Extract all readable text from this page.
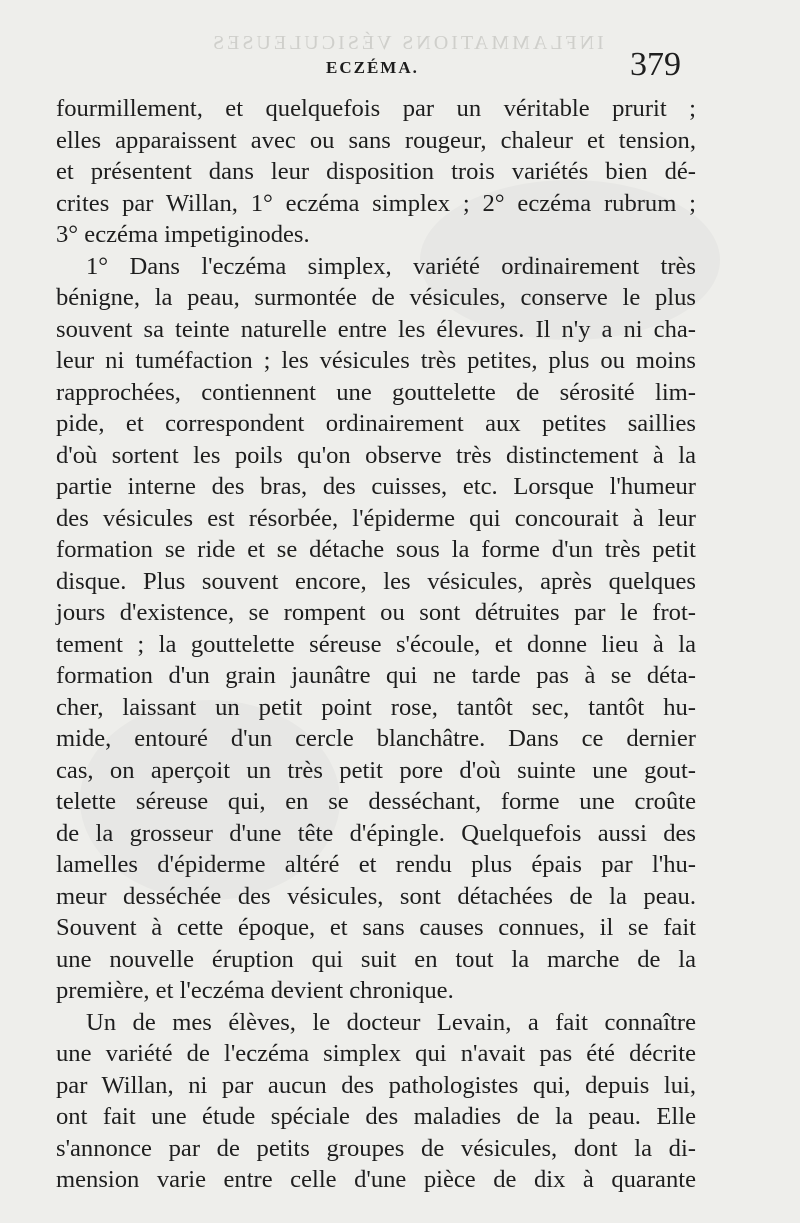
INFLAMMATIONS VÉSICULEUSES
ECZÉMA.	379
fourmillement, et quelquefois par un véritable prurit ;
elles apparaissent avec ou sans rougeur, chaleur et tension,
et présentent dans leur disposition trois variétés bien dé-
crites par Willan, 1° eczéma simplex ; 2° eczéma rubrum ;
3° eczéma impetiginodes.
1° Dans l'eczéma simplex, variété ordinairement très
bénigne, la peau, surmontée de vésicules, conserve le plus
souvent sa teinte naturelle entre les élevures. Il n'y a ni cha-
leur ni tuméfaction ; les vésicules très petites, plus ou moins
rapprochées, contiennent une gouttelette de sérosité lim-
pide, et correspondent ordinairement aux petites saillies
d'où sortent les poils qu'on observe très distinctement à la
partie interne des bras, des cuisses, etc. Lorsque l'humeur
des vésicules est résorbée, l'épiderme qui concourait à leur
formation se ride et se détache sous la forme d'un très petit
disque. Plus souvent encore, les vésicules, après quelques
jours d'existence, se rompent ou sont détruites par le frot-
tement ; la gouttelette séreuse s'écoule, et donne lieu à la
formation d'un grain jaunâtre qui ne tarde pas à se déta-
cher, laissant un petit point rose, tantôt sec, tantôt hu-
mide, entouré d'un cercle blanchâtre. Dans ce dernier
cas, on aperçoit un très petit pore d'où suinte une gout-
telette séreuse qui, en se desséchant, forme une croûte
de la grosseur d'une tête d'épingle. Quelquefois aussi des
lamelles d'épiderme altéré et rendu plus épais par l'hu-
meur desséchée des vésicules, sont détachées de la peau.
Souvent à cette époque, et sans causes connues, il se fait
une nouvelle éruption qui suit en tout la marche de la
première, et l'eczéma devient chronique.
Un de mes élèves, le docteur Levain, a fait connaître
une variété de l'eczéma simplex qui n'avait pas été décrite
par Willan, ni par aucun des pathologistes qui, depuis lui,
ont fait une étude spéciale des maladies de la peau. Elle
s'annonce par de petits groupes de vésicules, dont la di-
mension varie entre celle d'une pièce de dix à quarante
